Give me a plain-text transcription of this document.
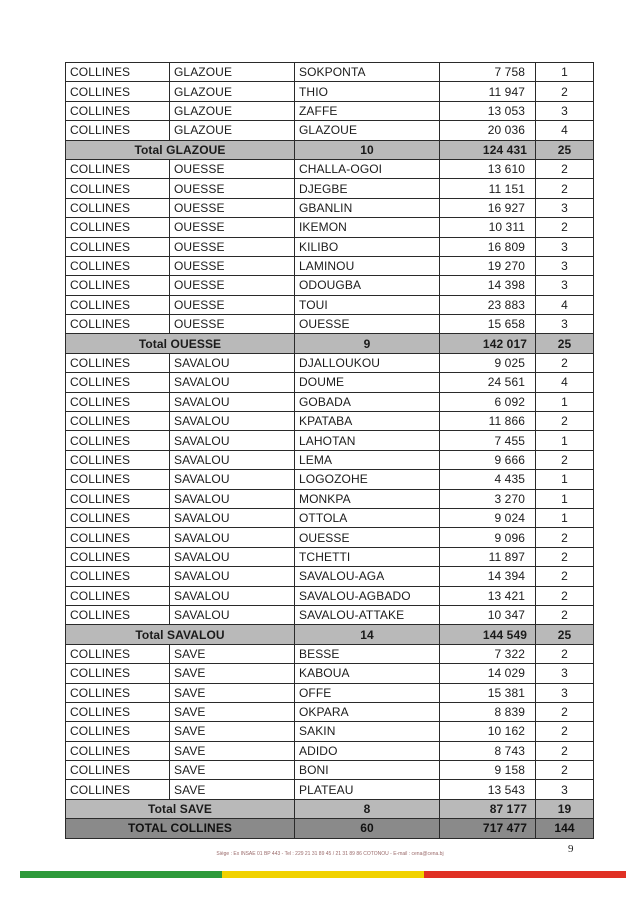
COLLINES	GLAZOUE	SOKPONTA	7 758	1
COLLINES	GLAZOUE	THIO	11 947	2
COLLINES	GLAZOUE	ZAFFE	13 053	3
COLLINES	GLAZOUE	GLAZOUE	20 036	4
Total GLAZOUE		10	124 431	25
COLLINES	OUESSE	CHALLA-OGOI	13 610	2
COLLINES	OUESSE	DJEGBE	11 151	2
COLLINES	OUESSE	GBANLIN	16 927	3
COLLINES	OUESSE	IKEMON	10 311	2
COLLINES	OUESSE	KILIBO	16 809	3
COLLINES	OUESSE	LAMINOU	19 270	3
COLLINES	OUESSE	ODOUGBA	14 398	3
COLLINES	OUESSE	TOUI	23 883	4
COLLINES	OUESSE	OUESSE	15 658	3
Total OUESSE		9	142 017	25
COLLINES	SAVALOU	DJALLOUKOU	9 025	2
COLLINES	SAVALOU	DOUME	24 561	4
COLLINES	SAVALOU	GOBADA	6 092	1
COLLINES	SAVALOU	KPATABA	11 866	2
COLLINES	SAVALOU	LAHOTAN	7 455	1
COLLINES	SAVALOU	LEMA	9 666	2
COLLINES	SAVALOU	LOGOZOHE	4 435	1
COLLINES	SAVALOU	MONKPA	3 270	1
COLLINES	SAVALOU	OTTOLA	9 024	1
COLLINES	SAVALOU	OUESSE	9 096	2
COLLINES	SAVALOU	TCHETTI	11 897	2
COLLINES	SAVALOU	SAVALOU-AGA	14 394	2
COLLINES	SAVALOU	SAVALOU-AGBADO	13 421	2
COLLINES	SAVALOU	SAVALOU-ATTAKE	10 347	2
Total SAVALOU		14	144 549	25
COLLINES	SAVE	BESSE	7 322	2
COLLINES	SAVE	KABOUA	14 029	3
COLLINES	SAVE	OFFE	15 381	3
COLLINES	SAVE	OKPARA	8 839	2
COLLINES	SAVE	SAKIN	10 162	2
COLLINES	SAVE	ADIDO	8 743	2
COLLINES	SAVE	BONI	9 158	2
COLLINES	SAVE	PLATEAU	13 543	3
Total SAVE		8	87 177	19
TOTAL COLLINES		60	717 477	144
Siège : Ex INSAE 01 BP 443 - Tel : 229 21 31 89 45 / 21 31 89 86 COTONOU - E-mail : cena@cena.bj	9
